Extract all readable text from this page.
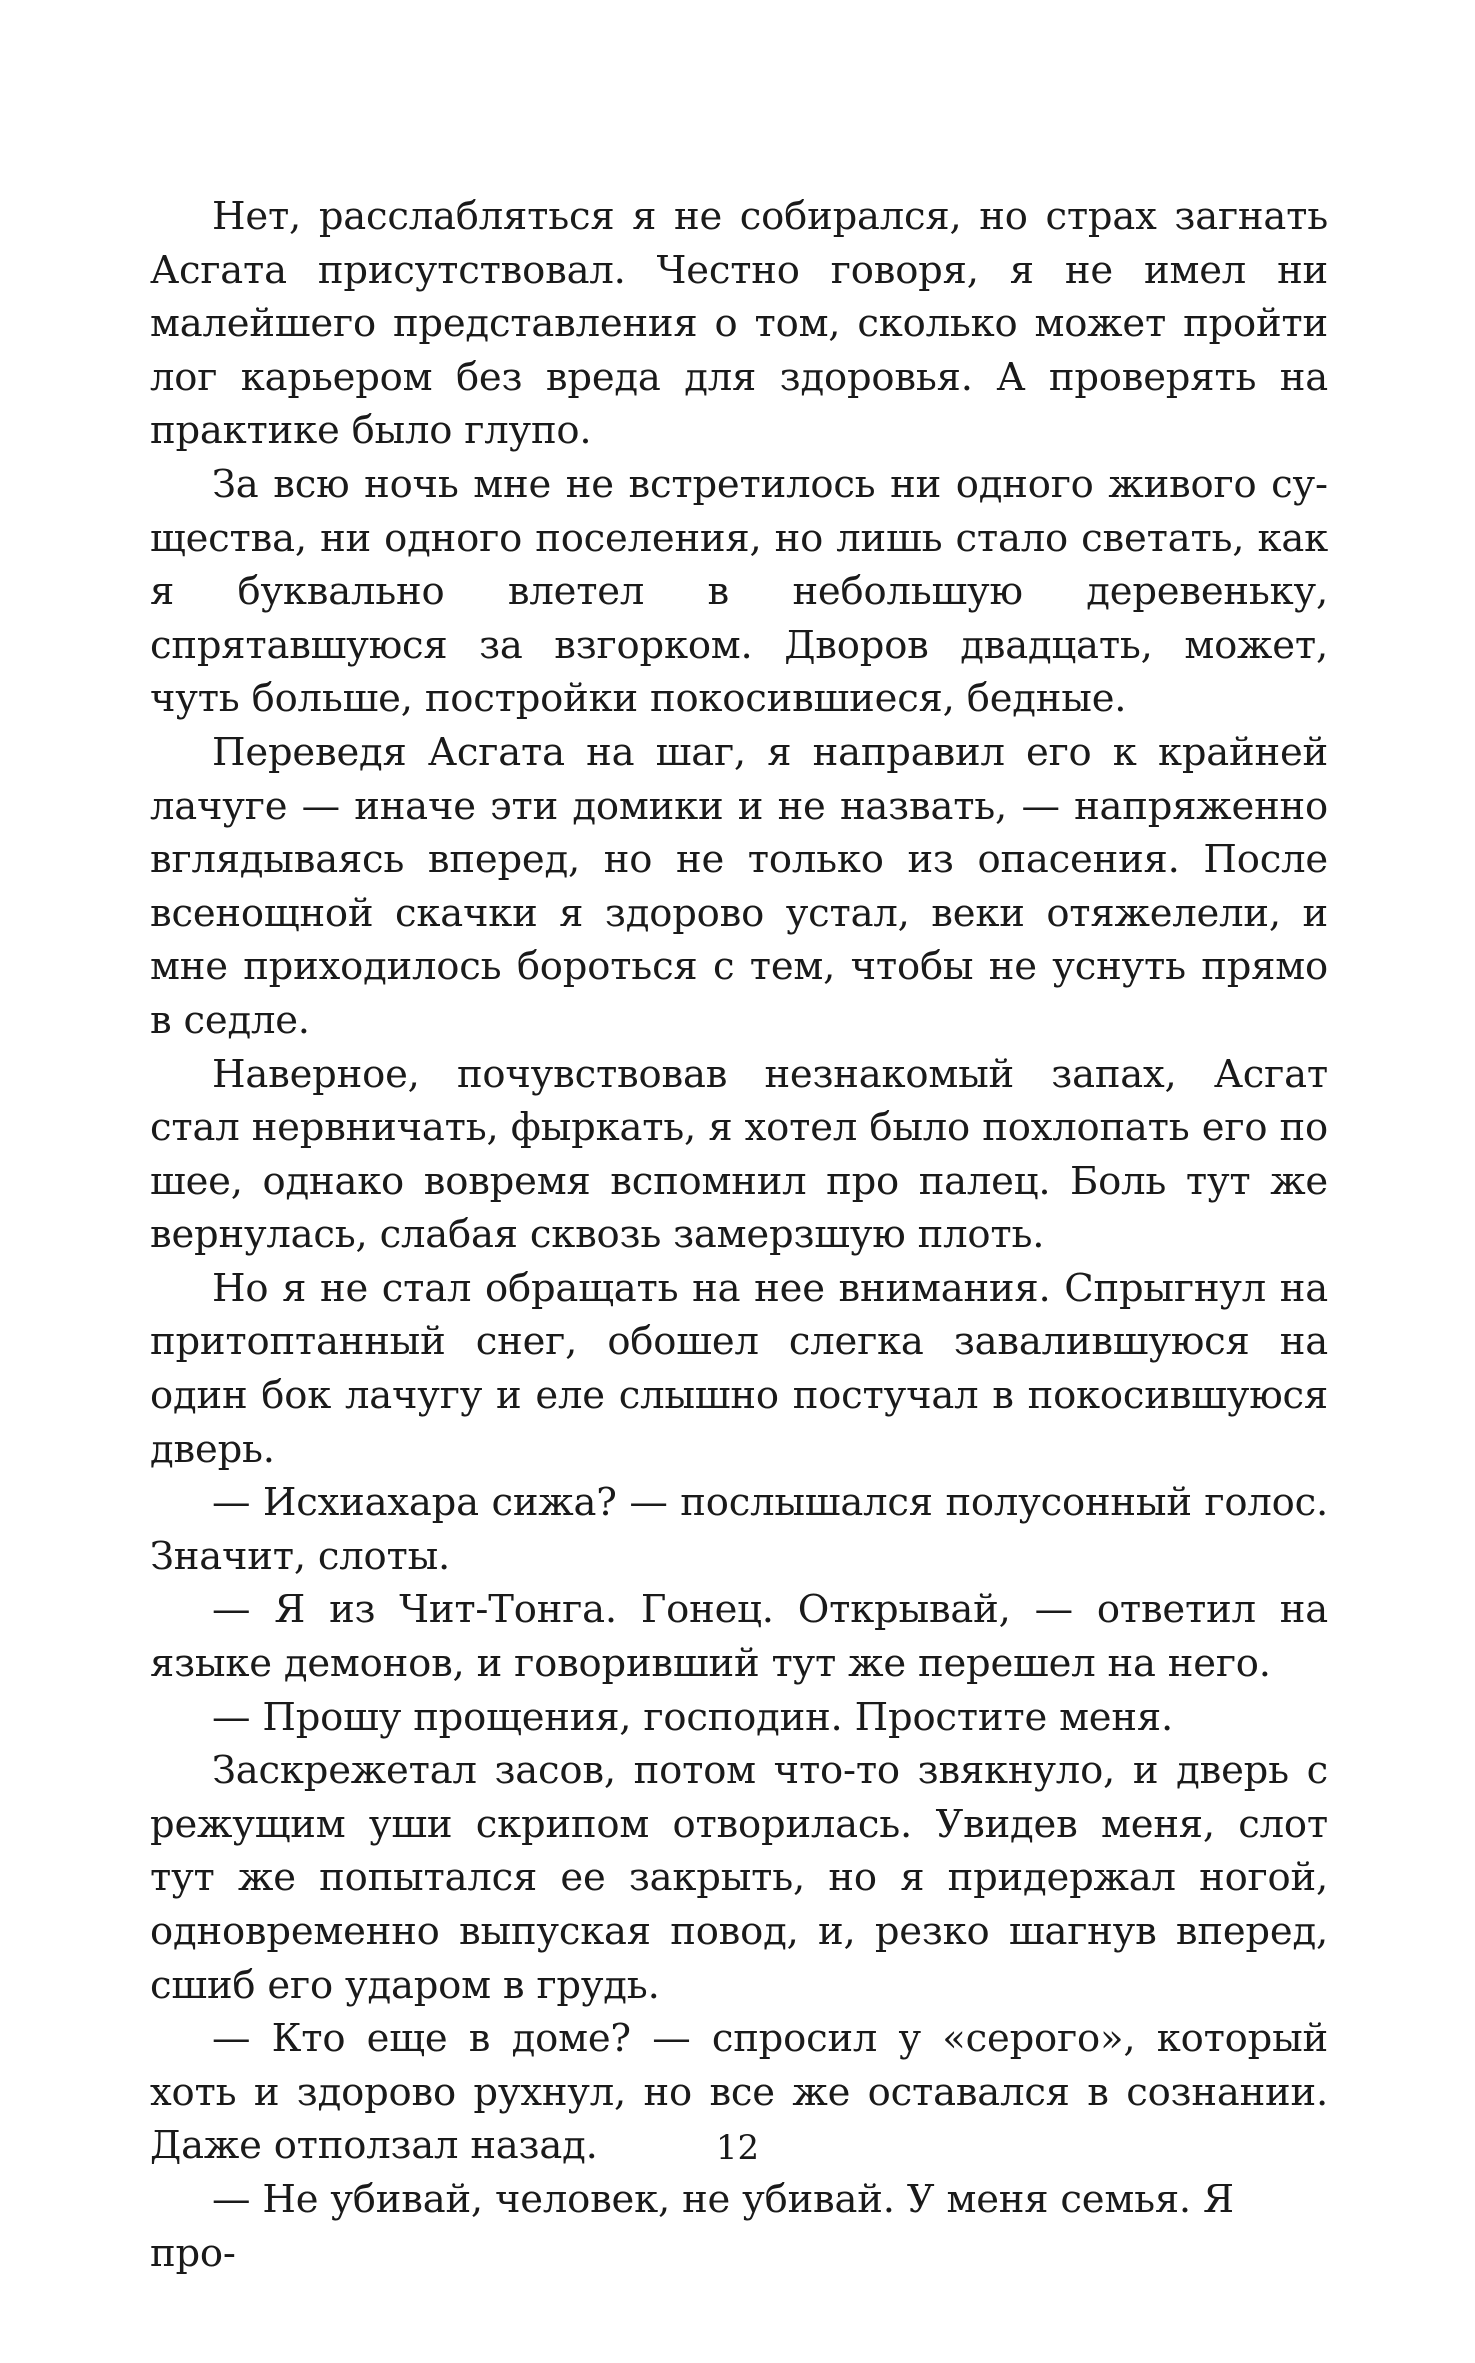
Нет, расслабляться я не собирался, но страх загнать Асгата присутствовал. Честно говоря, я не имел ни малейшего представления о том, сколько может пройти лог карьером без вреда для здоровья. А проверять на практике было глупо.

За всю ночь мне не встретилось ни одного живого существа, ни одного поселения, но лишь стало светать, как я буквально влетел в небольшую деревеньку, спрятавшуюся за взгорком. Дворов двадцать, может, чуть больше, постройки покосившиеся, бедные.

Переведя Асгата на шаг, я направил его к крайней лачуге — иначе эти домики и не назвать, — напряженно вглядываясь вперед, но не только из опасения. После всенощной скачки я здорово устал, веки отяжелели, и мне приходилось бороться с тем, чтобы не уснуть прямо в седле.

Наверное, почувствовав незнакомый запах, Асгат стал нервничать, фыркать, я хотел было похлопать его по шее, однако вовремя вспомнил про палец. Боль тут же вернулась, слабая сквозь замерзшую плоть.

Но я не стал обращать на нее внимания. Спрыгнул на притоптанный снег, обошел слегка завалившуюся на один бок лачугу и еле слышно постучал в покосившуюся дверь.

— Исхиахара сижа? — послышался полусонный голос. Значит, слоты.

— Я из Чит-Тонга. Гонец. Открывай, — ответил на языке демонов, и говоривший тут же перешел на него.

— Прошу прощения, господин. Простите меня.

Заскрежетал засов, потом что-то звякнуло, и дверь с режущим уши скрипом отворилась. Увидев меня, слот тут же попытался ее закрыть, но я придержал ногой, одновременно выпуская повод, и, резко шагнув вперед, сшиб его ударом в грудь.

— Кто еще в доме? — спросил у «серого», который хоть и здорово рухнул, но все же оставался в сознании. Даже отползал назад.

— Не убивай, человек, не убивай. У меня семья. Я про-

12
